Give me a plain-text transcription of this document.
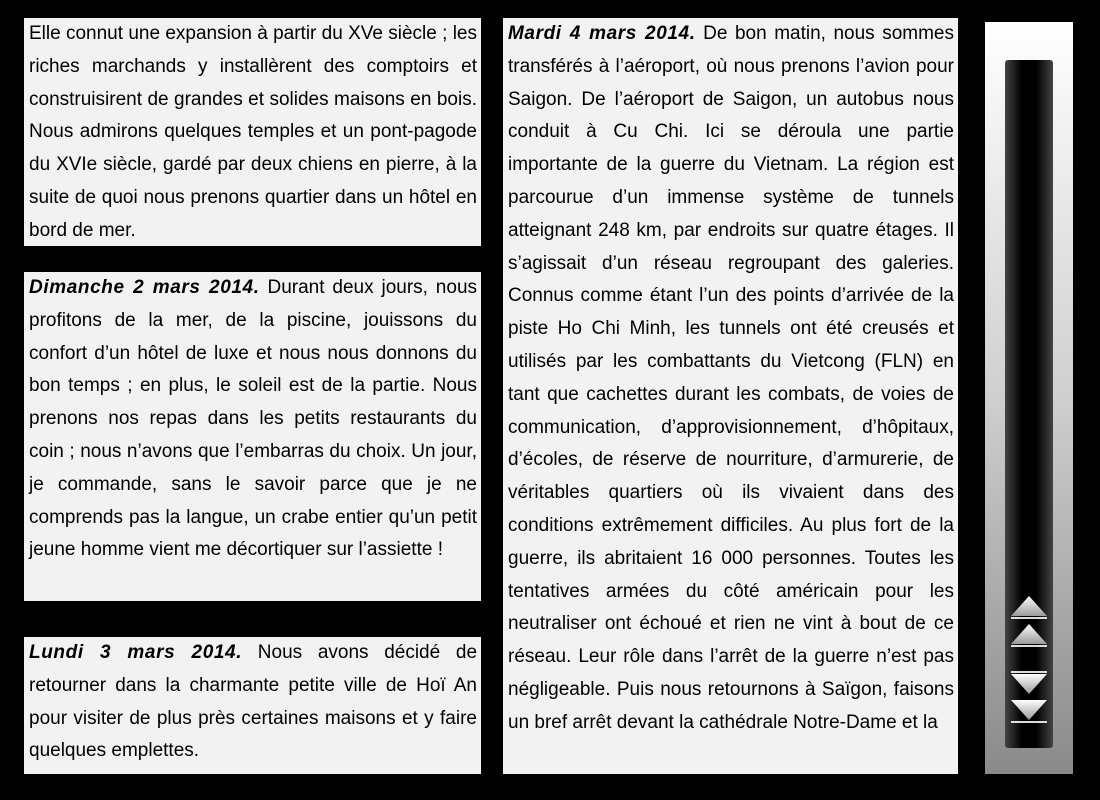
Elle connut une expansion à partir du XVe siècle ; les riches marchands y installèrent des comptoirs et construisirent de grandes et solides maisons en bois. Nous admirons quelques temples et un pont-pagode du XVIe siècle, gardé par deux chiens en pierre, à la suite de quoi nous prenons quartier dans un hôtel en bord de mer.

Dimanche 2 mars 2014. Durant deux jours, nous profitons de la mer, de la piscine, jouissons du confort d’un hôtel de luxe et nous nous donnons du bon temps ; en plus, le soleil est de la partie. Nous prenons nos repas dans les petits restaurants du coin ; nous n’avons que l’embarras du choix. Un jour, je commande, sans le savoir parce que je ne comprends pas la langue, un crabe entier qu’un petit jeune homme vient me décortiquer sur l’assiette !

Lundi 3 mars 2014. Nous avons décidé de retourner dans la charmante petite ville de Hoï An pour visiter de plus près certaines maisons et y faire quelques emplettes.

Mardi 4 mars 2014. De bon matin, nous sommes transférés à l’aéroport, où nous prenons l’avion pour Saigon. De l’aéroport de Saigon, un autobus nous conduit à Cu Chi. Ici se déroula une partie importante de la guerre du Vietnam. La région est parcourue d’un immense système de tunnels atteignant 248 km, par endroits sur quatre étages. Il s’agissait d’un réseau regroupant des galeries. Connus comme étant l’un des points d’arrivée de la piste Ho Chi Minh, les tunnels ont été creusés et utilisés par les combattants du Vietcong (FLN) en tant que cachettes durant les combats, de voies de communication, d’approvisionnement, d’hôpitaux, d’écoles, de réserve de nourriture, d’armurerie, de véritables quartiers où ils vivaient dans des conditions extrêmement difficiles. Au plus fort de la guerre, ils abritaient 16 000 personnes. Toutes les tentatives armées du côté américain pour les neutraliser ont échoué et rien ne vint à bout de ce réseau. Leur rôle dans l’arrêt de la guerre n’est pas négligeable. Puis nous retournons à Saïgon, faisons un bref arrêt devant la cathédrale Notre-Dame et la
